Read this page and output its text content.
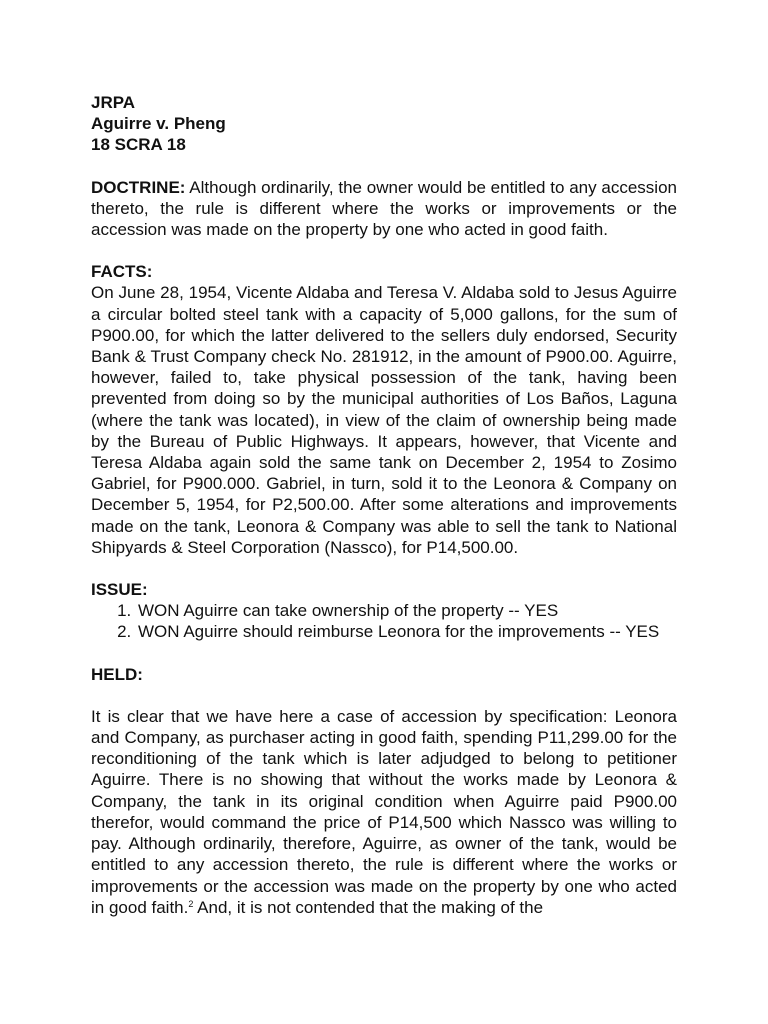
JRPA
Aguirre v. Pheng
18 SCRA 18
DOCTRINE: Although ordinarily, the owner would be entitled to any accession thereto, the rule is different where the works or improvements or the accession was made on the property by one who acted in good faith.
FACTS:
On June 28, 1954, Vicente Aldaba and Teresa V. Aldaba sold to Jesus Aguirre a circular bolted steel tank with a capacity of 5,000 gallons, for the sum of P900.00, for which the latter delivered to the sellers duly endorsed, Security Bank & Trust Company check No. 281912, in the amount of P900.00. Aguirre, however, failed to, take physical possession of the tank, having been prevented from doing so by the municipal authorities of Los Baños, Laguna (where the tank was located), in view of the claim of ownership being made by the Bureau of Public Highways. It appears, however, that Vicente and Teresa Aldaba again sold the same tank on December 2, 1954 to Zosimo Gabriel, for P900.000. Gabriel, in turn, sold it to the Leonora & Company on December 5, 1954, for P2,500.00. After some alterations and improvements made on the tank, Leonora & Company was able to sell the tank to National Shipyards & Steel Corporation (Nassco), for P14,500.00.
ISSUE:
1. WON Aguirre can take ownership of the property -- YES
2. WON Aguirre should reimburse Leonora for the improvements -- YES
HELD:
It is clear that we have here a case of accession by specification: Leonora and Company, as purchaser acting in good faith, spending P11,299.00 for the reconditioning of the tank which is later adjudged to belong to petitioner Aguirre. There is no showing that without the works made by Leonora & Company, the tank in its original condition when Aguirre paid P900.00 therefor, would command the price of P14,500 which Nassco was willing to pay. Although ordinarily, therefore, Aguirre, as owner of the tank, would be entitled to any accession thereto, the rule is different where the works or improvements or the accession was made on the property by one who acted in good faith.$^2$ And, it is not contended that the making of the
